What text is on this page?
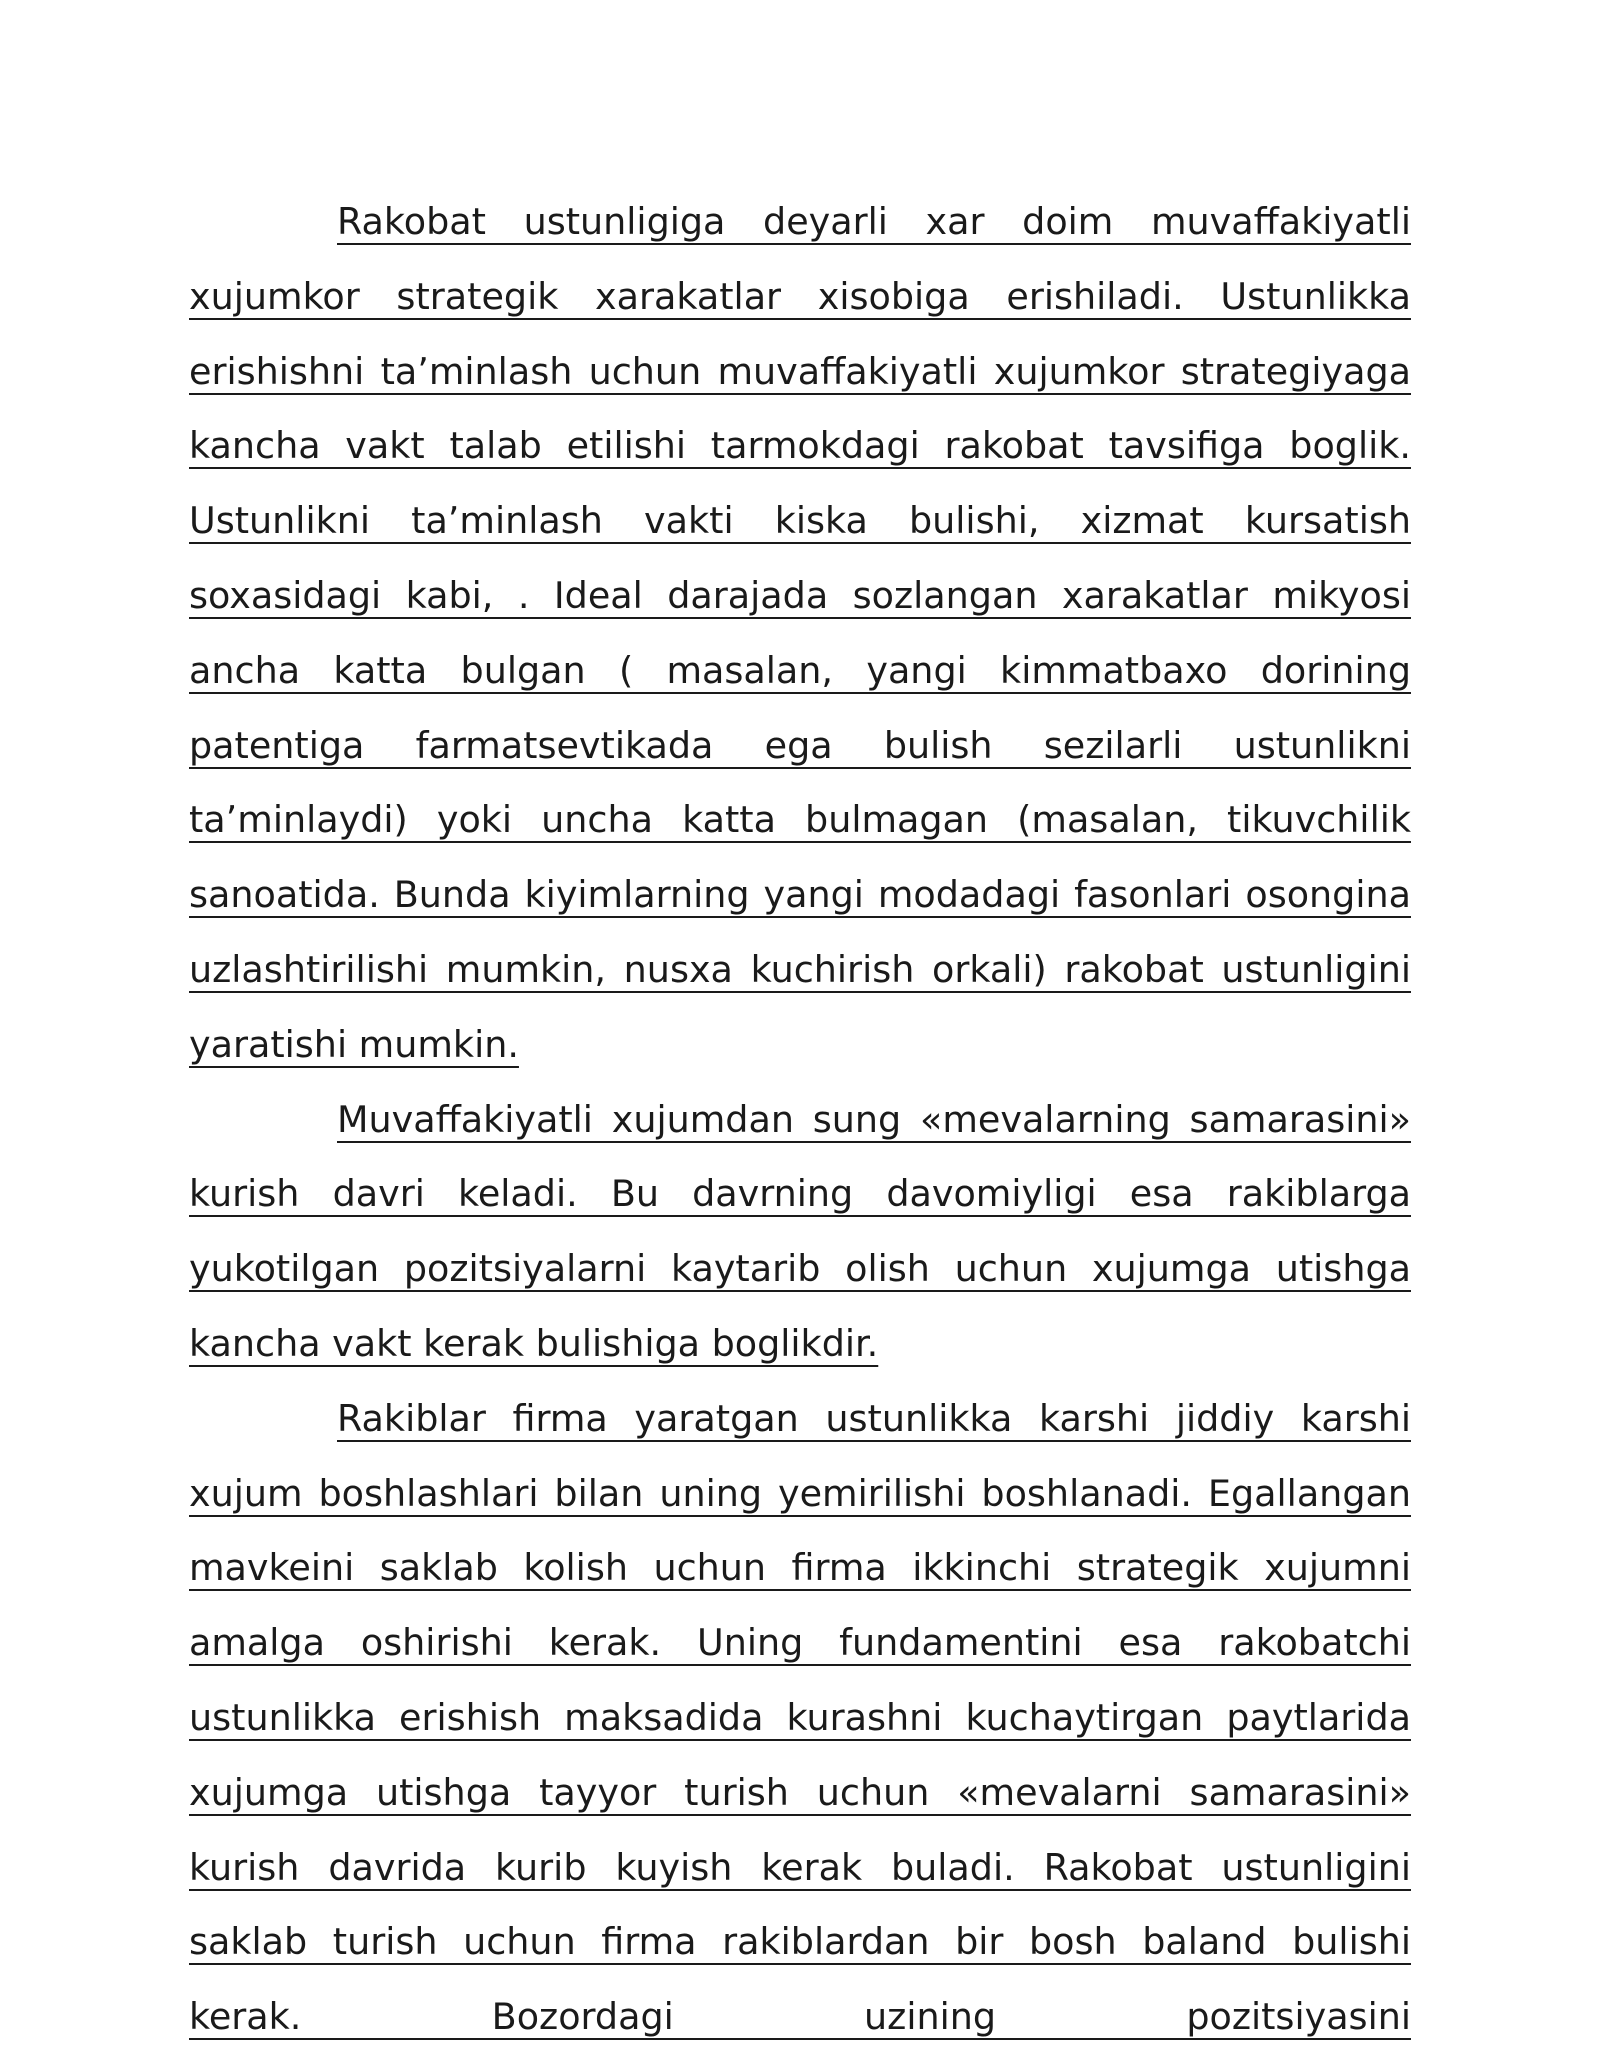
Rakobat ustunligiga deyarli xar doim muvaffakiyatli xujumkor strategik xarakatlar xisobiga erishiladi. Ustunlikka erishishni ta’minlash uchun muvaffakiyatli xujumkor strategiyaga kancha vakt talab etilishi tarmokdagi rakobat tavsifiga boglik. Ustunlikni ta’minlash vakti kiska bulishi, xizmat kursatish soxasidagi kabi, . Ideal darajada sozlangan xarakatlar mikyosi ancha katta bulgan ( masalan, yangi kimmatbaxo dorining patentiga farmatsevtikada ega bulish sezilarli ustunlikni ta’minlaydi) yoki uncha katta bulmagan (masalan, tikuvchilik sanoatida. Bunda kiyimlarning yangi modadagi fasonlari osongina uzlashtirilishi mumkin, nusxa kuchirish orkali) rakobat ustunligini yaratishi mumkin.

Muvaffakiyatli xujumdan sung «mevalarning samarasini» kurish davri keladi. Bu davrning davomiyligi esa rakiblarga yukotilgan pozitsiyalarni kaytarib olish uchun xujumga utishga kancha vakt kerak bulishiga boglikdir.

Rakiblar firma yaratgan ustunlikka karshi jiddiy karshi xujum boshlashlari bilan uning yemirilishi boshlanadi. Egallangan mavkeini saklab kolish uchun firma ikkinchi strategik xujumni amalga oshirishi kerak. Uning fundamentini esa rakobatchi ustunlikka erishish maksadida kurashni kuchaytirgan paytlarida xujumga utishga tayyor turish uchun «mevalarni samarasini» kurish davrida kurib kuyish kerak buladi. Rakobat ustunligini saklab turish uchun firma rakiblardan bir bosh baland bulishi kerak. Bozordagi uzining pozitsiyasini
